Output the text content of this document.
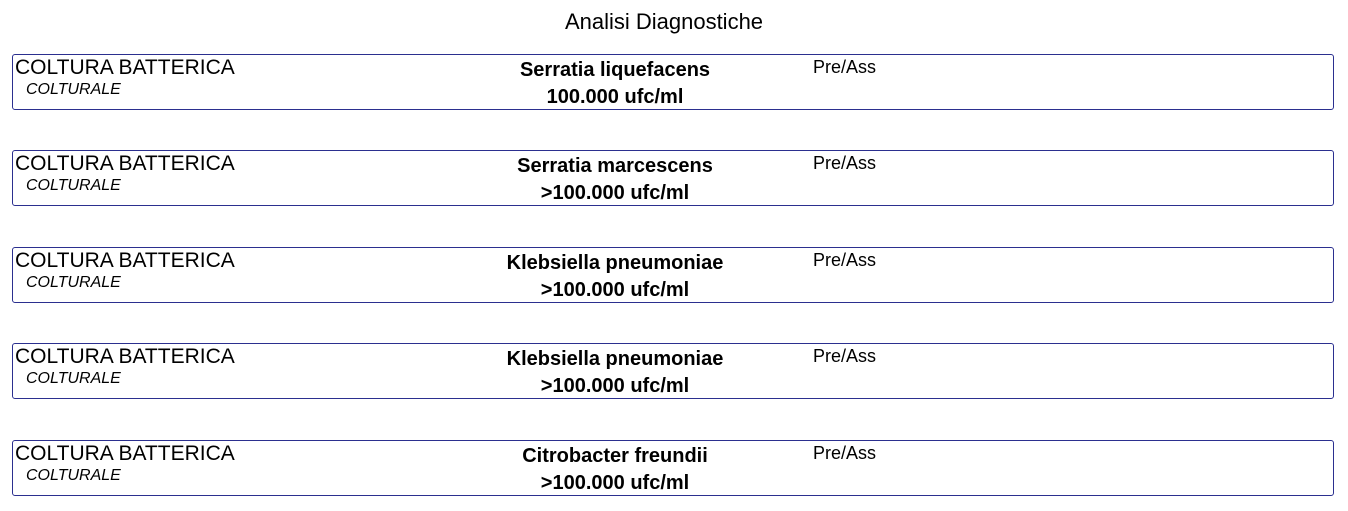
Analisi Diagnostiche
COLTURA BATTERICA
COLTURALE
Serratia liquefacens
100.000 ufc/ml
Pre/Ass
COLTURA BATTERICA
COLTURALE
Serratia marcescens
>100.000 ufc/ml
Pre/Ass
COLTURA BATTERICA
COLTURALE
Klebsiella pneumoniae
>100.000 ufc/ml
Pre/Ass
COLTURA BATTERICA
COLTURALE
Klebsiella pneumoniae
>100.000 ufc/ml
Pre/Ass
COLTURA BATTERICA
COLTURALE
Citrobacter freundii
>100.000 ufc/ml
Pre/Ass
